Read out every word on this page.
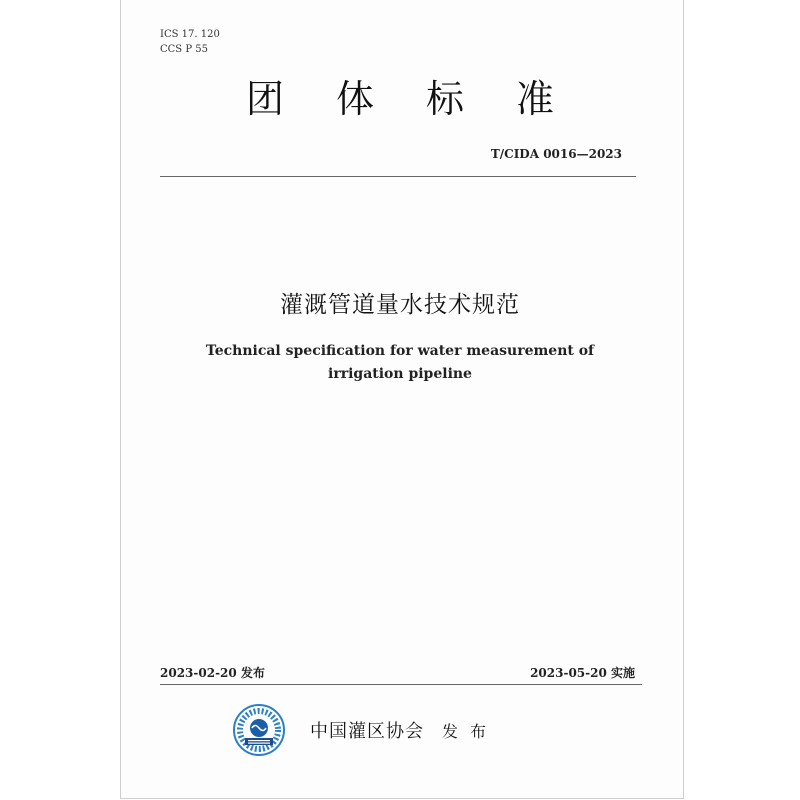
ICS 17. 120
CCS P 55
团体标准
T/CIDA 0016—2023
灌溉管道量水技术规范
Technical specification for water measurement of
irrigation pipeline
2023-02-20 发布	2023-05-20 实施
中国灌区协会 发布
